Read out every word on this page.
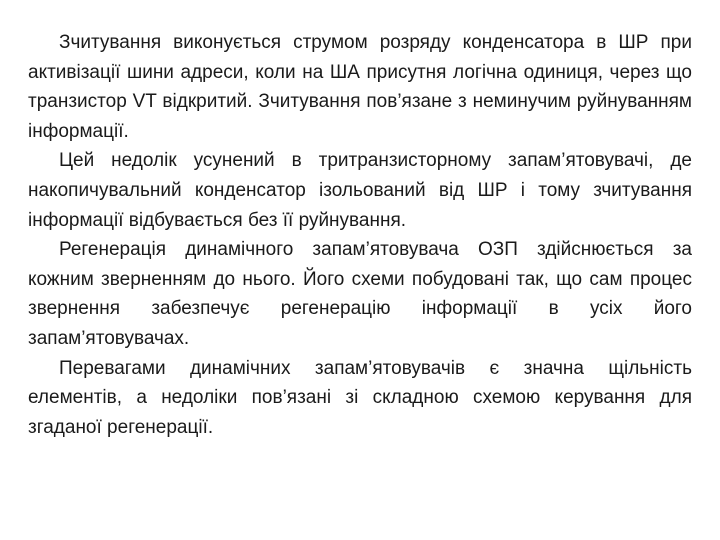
Зчитування виконується струмом розряду конденсатора в ШР при активізації шини адреси, коли на ША присутня логічна одиниця, через що транзистор VT відкритий. Зчитування пов’язане з неминучим руйнуванням інформації.

Цей недолік усунений в тритранзисторному запам’ятовувачі, де накопичувальний конденсатор ізольований від ШР і тому зчитування інформації відбувається без її руйнування.

Регенерація динамічного запам’ятовувача ОЗП здійснюється за кожним зверненням до нього. Його схеми побудовані так, що сам процес звернення забезпечує регенерацію інформації в усіх його запам’ятовувачах.

Перевагами динамічних запам’ятовувачів є значна щільність елементів, а недоліки пов’язані зі складною схемою керування для згаданої регенерації.
